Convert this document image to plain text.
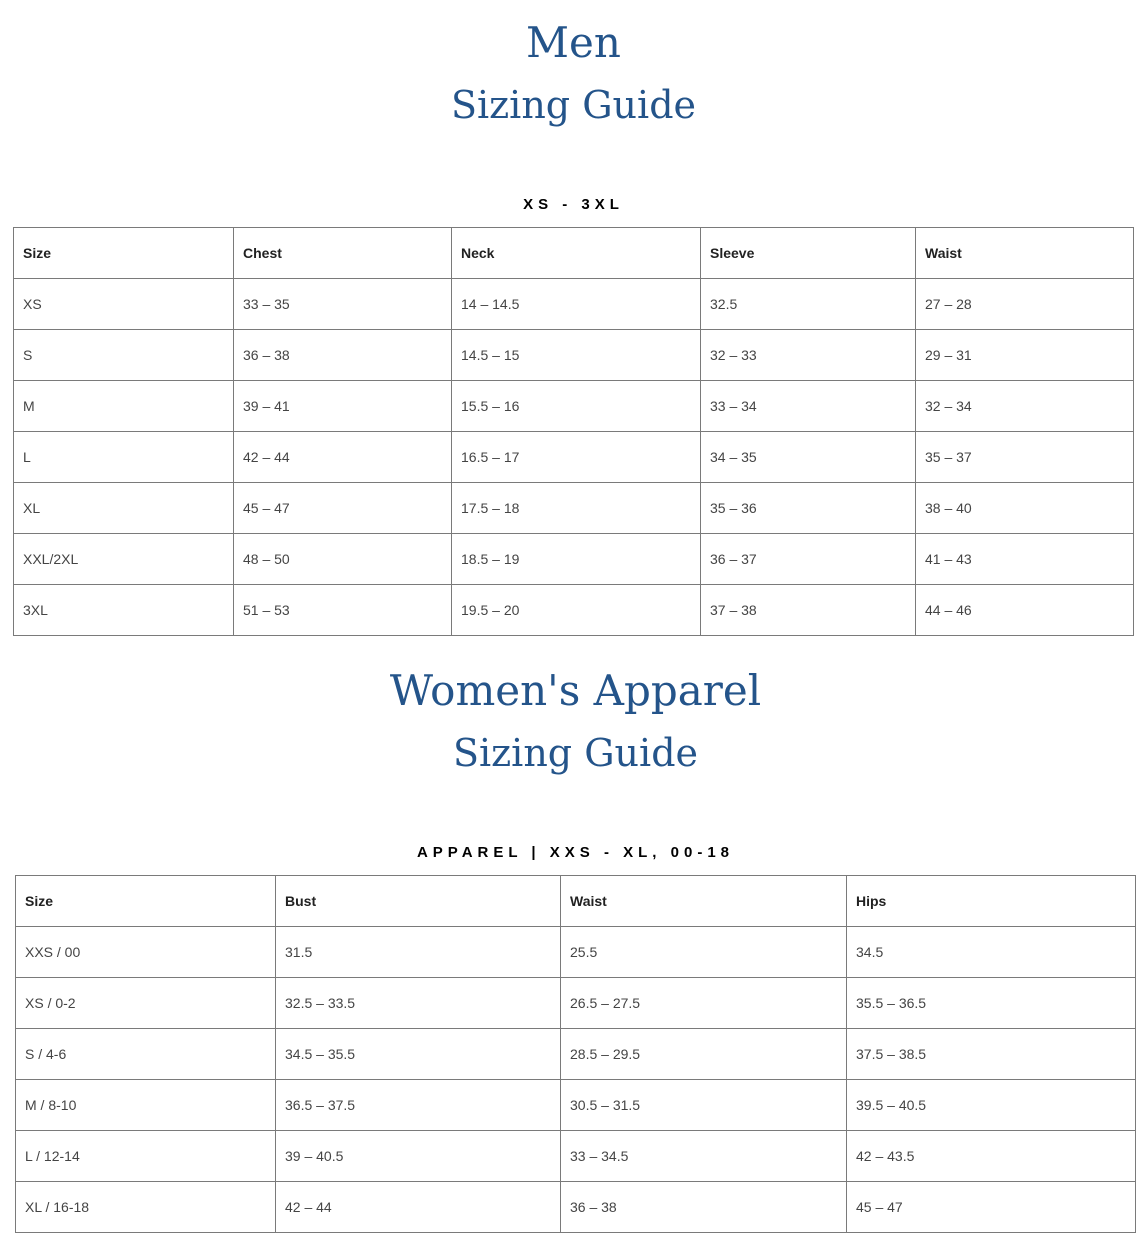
Men
Sizing Guide
XS - 3XL
Size	Chest	Neck	Sleeve	Waist
XS	33 – 35	14 – 14.5	32.5	27 – 28
S	36 – 38	14.5 – 15	32 – 33	29 – 31
M	39 – 41	15.5 – 16	33 – 34	32 – 34
L	42 – 44	16.5 – 17	34 – 35	35 – 37
XL	45 – 47	17.5 – 18	35 – 36	38 – 40
XXL/2XL	48 – 50	18.5 – 19	36 – 37	41 – 43
3XL	51 – 53	19.5 – 20	37 – 38	44 – 46
Women's Apparel
Sizing Guide
APPAREL | XXS - XL, 00-18
Size	Bust	Waist	Hips
XXS / 00	31.5	25.5	34.5
XS / 0-2	32.5 – 33.5	26.5 – 27.5	35.5 – 36.5
S / 4-6	34.5 – 35.5	28.5 – 29.5	37.5 – 38.5
M / 8-10	36.5 – 37.5	30.5 – 31.5	39.5 – 40.5
L / 12-14	39 – 40.5	33 – 34.5	42 – 43.5
XL / 16-18	42 – 44	36 – 38	45 – 47
